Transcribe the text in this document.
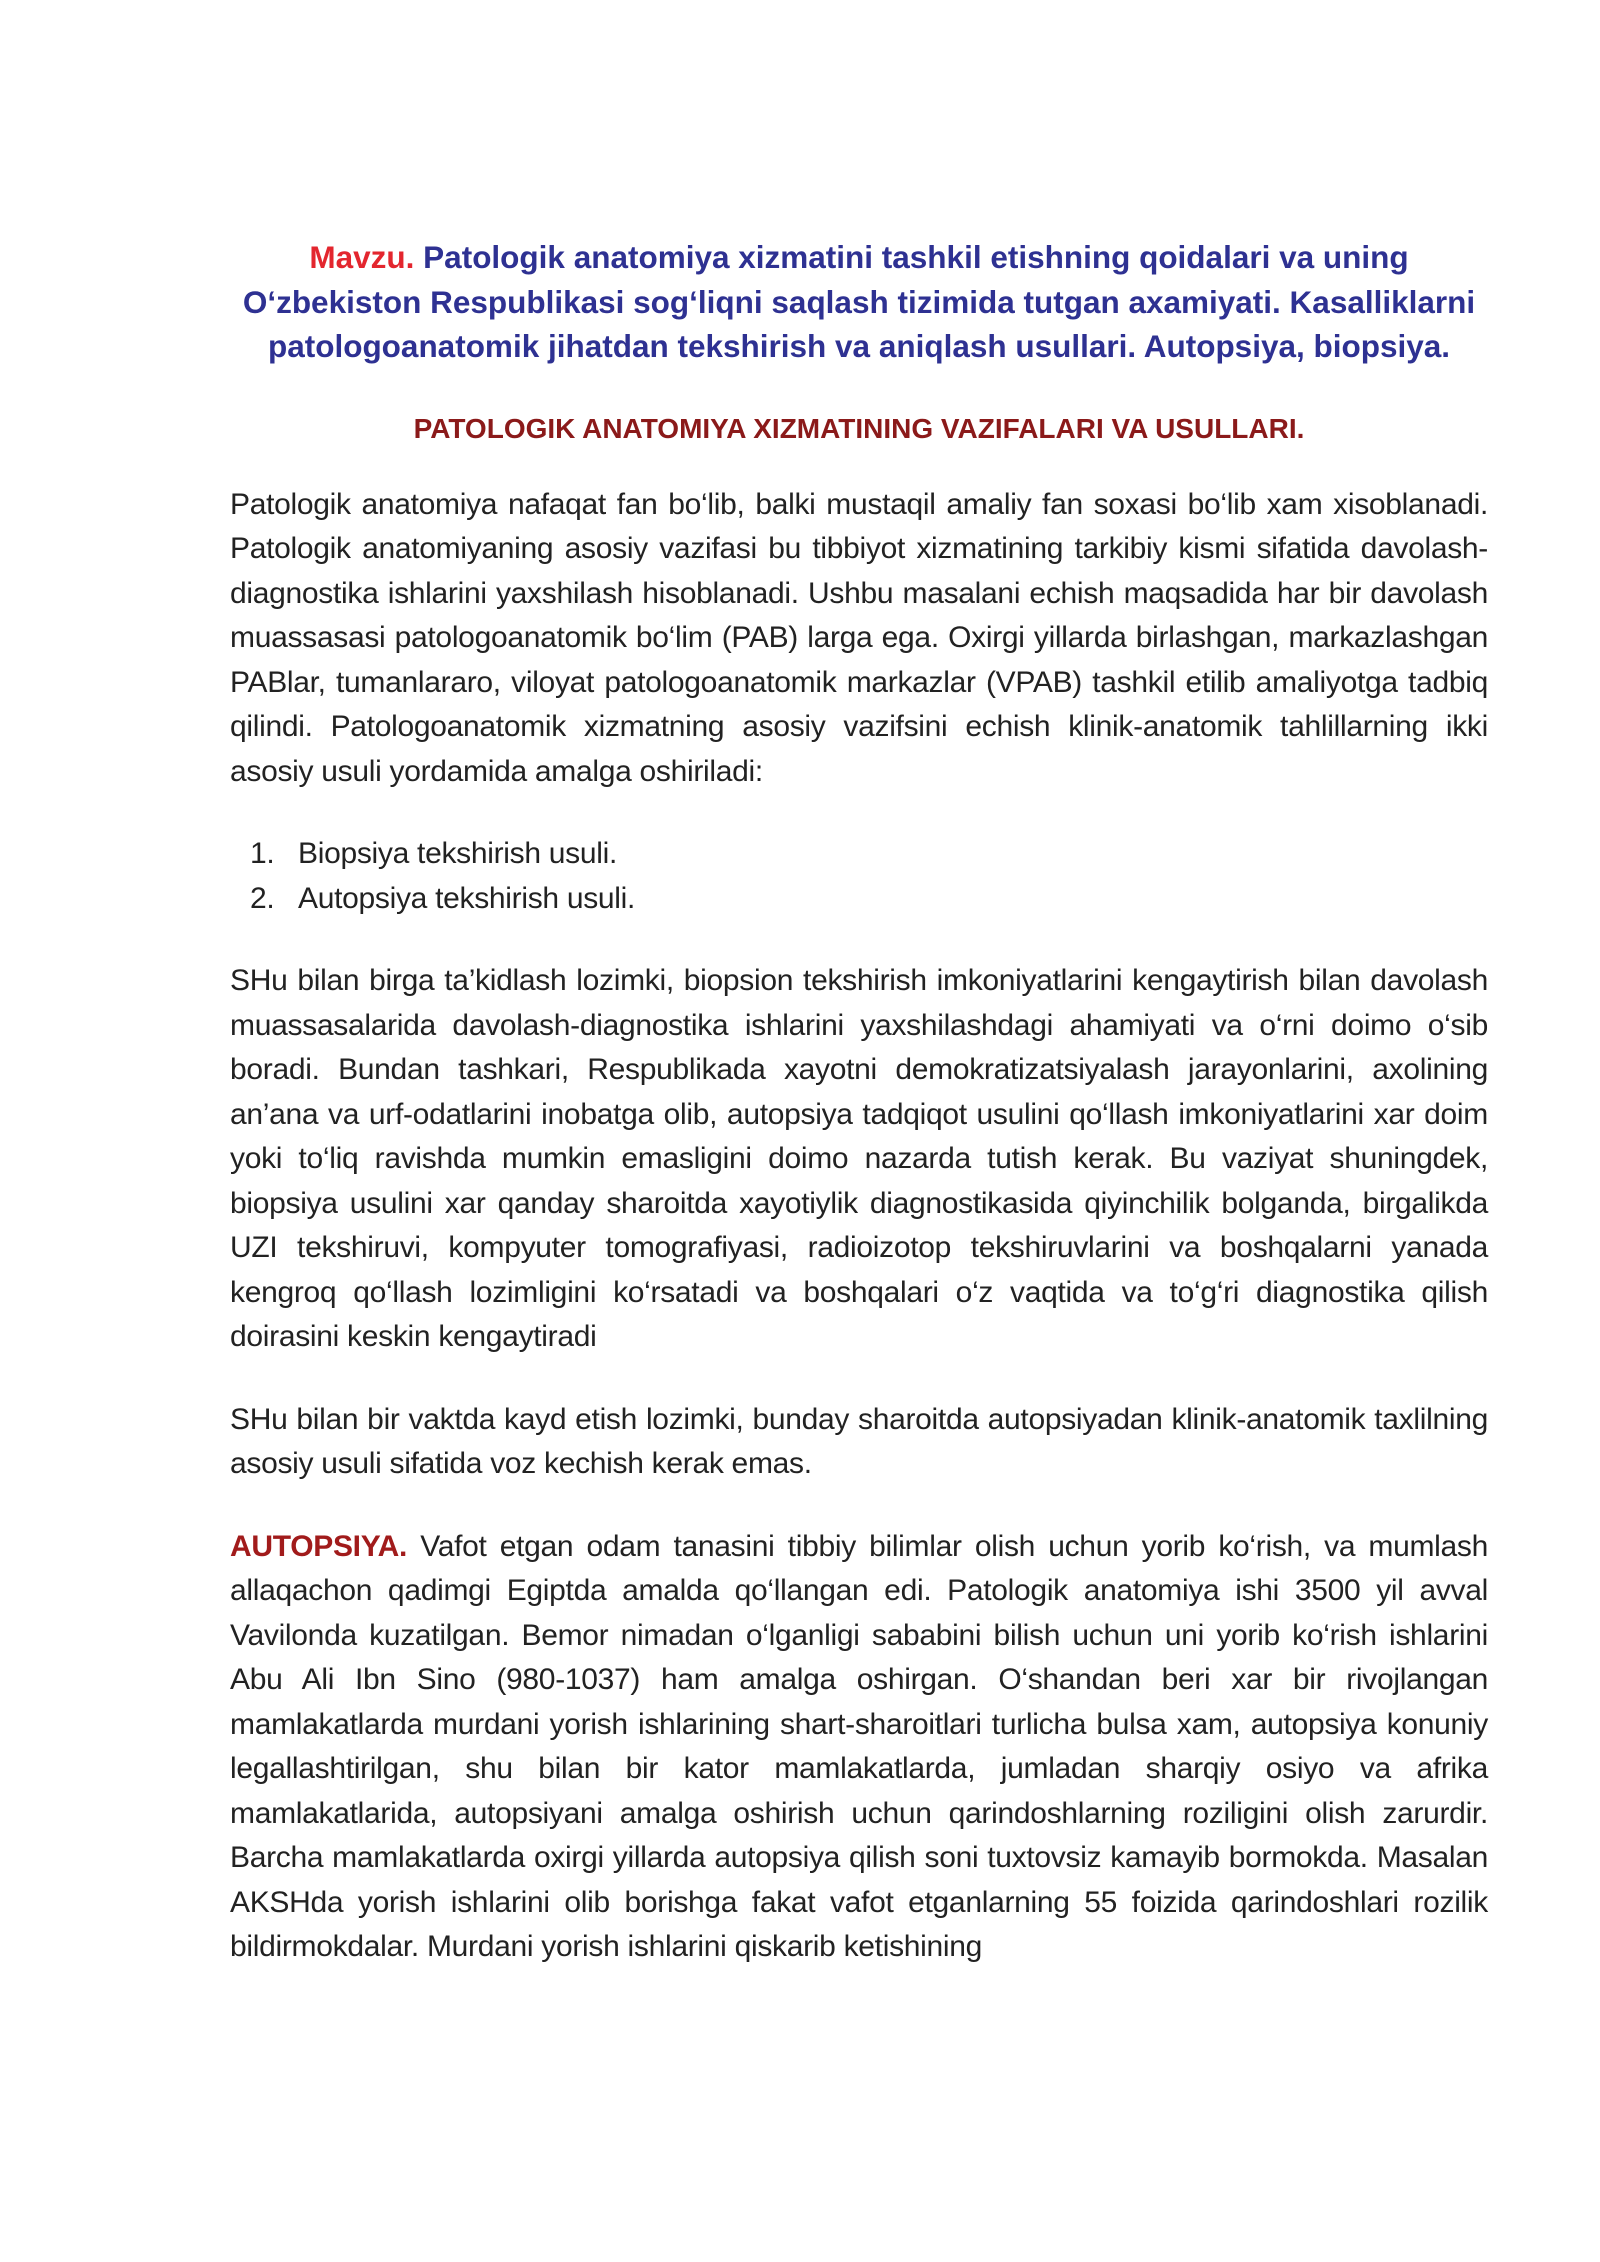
Mavzu. Patologik anatomiya xizmatini tashkil etishning qoidalari va uning
O‘zbekiston Respublikasi sog‘liqni saqlash tizimida tutgan axamiyati. Kasalliklarni
patologoanatomik jihatdan tekshirish va aniqlash usullari. Autopsiya, biopsiya.
PATOLOGIK ANATOMIYA XIZMATINING VAZIFALARI VA USULLARI.

Patologik anatomiya nafaqat fan bo‘lib, balki mustaqil amaliy fan soxasi bo‘lib xam xisoblanadi. Patologik anatomiyaning asosiy vazifasi bu tibbiyot xizmatining tarkibiy kismi sifatida davolash-diagnostika ishlarini yaxshilash hisoblanadi. Ushbu masalani echish maqsadida har bir davolash muassasasi patologoanatomik bo‘lim (PAB) larga ega. Oxirgi yillarda birlashgan, markazlashgan PABlar, tumanlararo, viloyat patologoanatomik markazlar (VPAB) tashkil etilib amaliyotga tadbiq qilindi. Patologoanatomik xizmatning asosiy vazifsini echish klinik-anatomik tahlillarning ikki asosiy usuli yordamida amalga oshiriladi:

1. Biopsiya tekshirish usuli.
2. Autopsiya tekshirish usuli.

SHu bilan birga ta’kidlash lozimki, biopsion tekshirish imkoniyatlarini kengaytirish bilan davolash muassasalarida davolash-diagnostika ishlarini yaxshilashdagi ahamiyati va o‘rni doimo o‘sib boradi. Bundan tashkari, Respublikada xayotni demokratizatsiyalash jarayonlarini, axolining an’ana va urf-odatlarini inobatga olib, autopsiya tadqiqot usulini qo‘llash imkoniyatlarini xar doim yoki to‘liq ravishda mumkin emasligini doimo nazarda tutish kerak. Bu vaziyat shuningdek, biopsiya usulini xar qanday sharoitda xayotiylik diagnostikasida qiyinchilik bolganda, birgalikda UZI tekshiruvi, kompyuter tomografiyasi, radioizotop tekshiruvlarini va boshqalarni yanada kengroq qo‘llash lozimligini ko‘rsatadi va boshqalari o‘z vaqtida va to‘g‘ri diagnostika qilish doirasini keskin kengaytiradi

SHu bilan bir vaktda kayd etish lozimki, bunday sharoitda autopsiyadan klinik-anatomik taxlilning asosiy usuli sifatida voz kechish kerak emas.

AUTOPSIYA. Vafot etgan odam tanasini tibbiy bilimlar olish uchun yorib ko‘rish, va mumlash allaqachon qadimgi Egiptda amalda qo‘llangan edi. Patologik anatomiya ishi 3500 yil avval Vavilonda kuzatilgan. Bemor nimadan o‘lganligi sababini bilish uchun uni yorib ko‘rish ishlarini Abu Ali Ibn Sino (980-1037) ham amalga oshirgan. O‘shandan beri xar bir rivojlangan mamlakatlarda murdani yorish ishlarining shart-sharoitlari turlicha bulsa xam, autopsiya konuniy legallashtirilgan, shu bilan bir kator mamlakatlarda, jumladan sharqiy osiyo va afrika mamlakatlarida, autopsiyani amalga oshirish uchun qarindoshlarning roziligini olish zarurdir. Barcha mamlakatlarda oxirgi yillarda autopsiya qilish soni tuxtovsiz kamayib bormokda. Masalan AKSHda yorish ishlarini olib borishga fakat vafot etganlarning 55 foizida qarindoshlari rozilik bildirmokdalar. Murdani yorish ishlarini qiskarib ketishining
